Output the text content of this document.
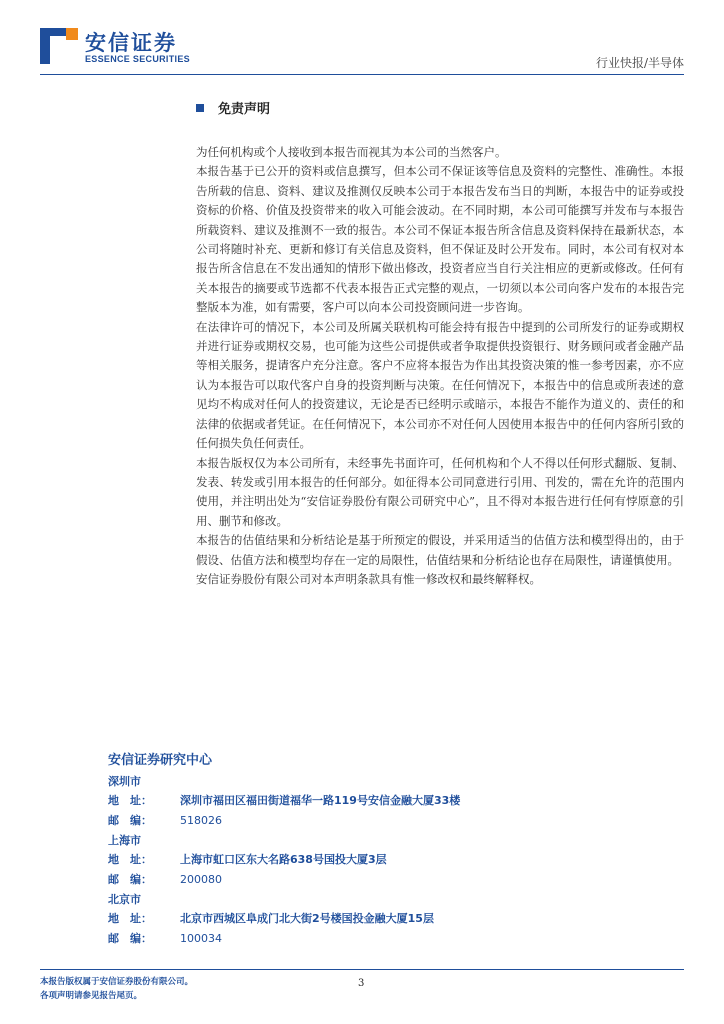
安信证券
ESSENCE SECURITIES	行业快报/半导体
免责声明

为任何机构或个人接收到本报告而视其为本公司的当然客户。

本报告基于已公开的资料或信息撰写，但本公司不保证该等信息及资料的完整性、准确性。本报告所载的信息、资料、建议及推测仅反映本公司于本报告发布当日的判断，本报告中的证券或投资标的价格、价值及投资带来的收入可能会波动。在不同时期，本公司可能撰写并发布与本报告所载资料、建议及推测不一致的报告。本公司不保证本报告所含信息及资料保持在最新状态，本公司将随时补充、更新和修订有关信息及资料，但不保证及时公开发布。同时，本公司有权对本报告所含信息在不发出通知的情形下做出修改，投资者应当自行关注相应的更新或修改。任何有关本报告的摘要或节选都不代表本报告正式完整的观点，一切须以本公司向客户发布的本报告完整版本为准，如有需要，客户可以向本公司投资顾问进一步咨询。

在法律许可的情况下，本公司及所属关联机构可能会持有报告中提到的公司所发行的证券或期权并进行证券或期权交易，也可能为这些公司提供或者争取提供投资银行、财务顾问或者金融产品等相关服务，提请客户充分注意。客户不应将本报告为作出其投资决策的惟一参考因素，亦不应认为本报告可以取代客户自身的投资判断与决策。在任何情况下，本报告中的信息或所表述的意见均不构成对任何人的投资建议，无论是否已经明示或暗示，本报告不能作为道义的、责任的和法律的依据或者凭证。在任何情况下，本公司亦不对任何人因使用本报告中的任何内容所引致的任何损失负任何责任。

本报告版权仅为本公司所有，未经事先书面许可，任何机构和个人不得以任何形式翻版、复制、发表、转发或引用本报告的任何部分。如征得本公司同意进行引用、刊发的，需在允许的范围内使用，并注明出处为“安信证券股份有限公司研究中心”，且不得对本报告进行任何有悖原意的引用、删节和修改。

本报告的估值结果和分析结论是基于所预定的假设，并采用适当的估值方法和模型得出的，由于假设、估值方法和模型均存在一定的局限性，估值结果和分析结论也存在局限性，请谨慎使用。

安信证券股份有限公司对本声明条款具有惟一修改权和最终解释权。

安信证券研究中心
深圳市
地　址：	深圳市福田区福田街道福华一路119号安信金融大厦33楼
邮　编：	518026
上海市
地　址：	上海市虹口区东大名路638号国投大厦3层
邮　编：	200080
北京市
地　址：	北京市西城区阜成门北大街2号楼国投金融大厦15层
邮　编：	100034
本报告版权属于安信证券股份有限公司。
各项声明请参见报告尾页。
3
